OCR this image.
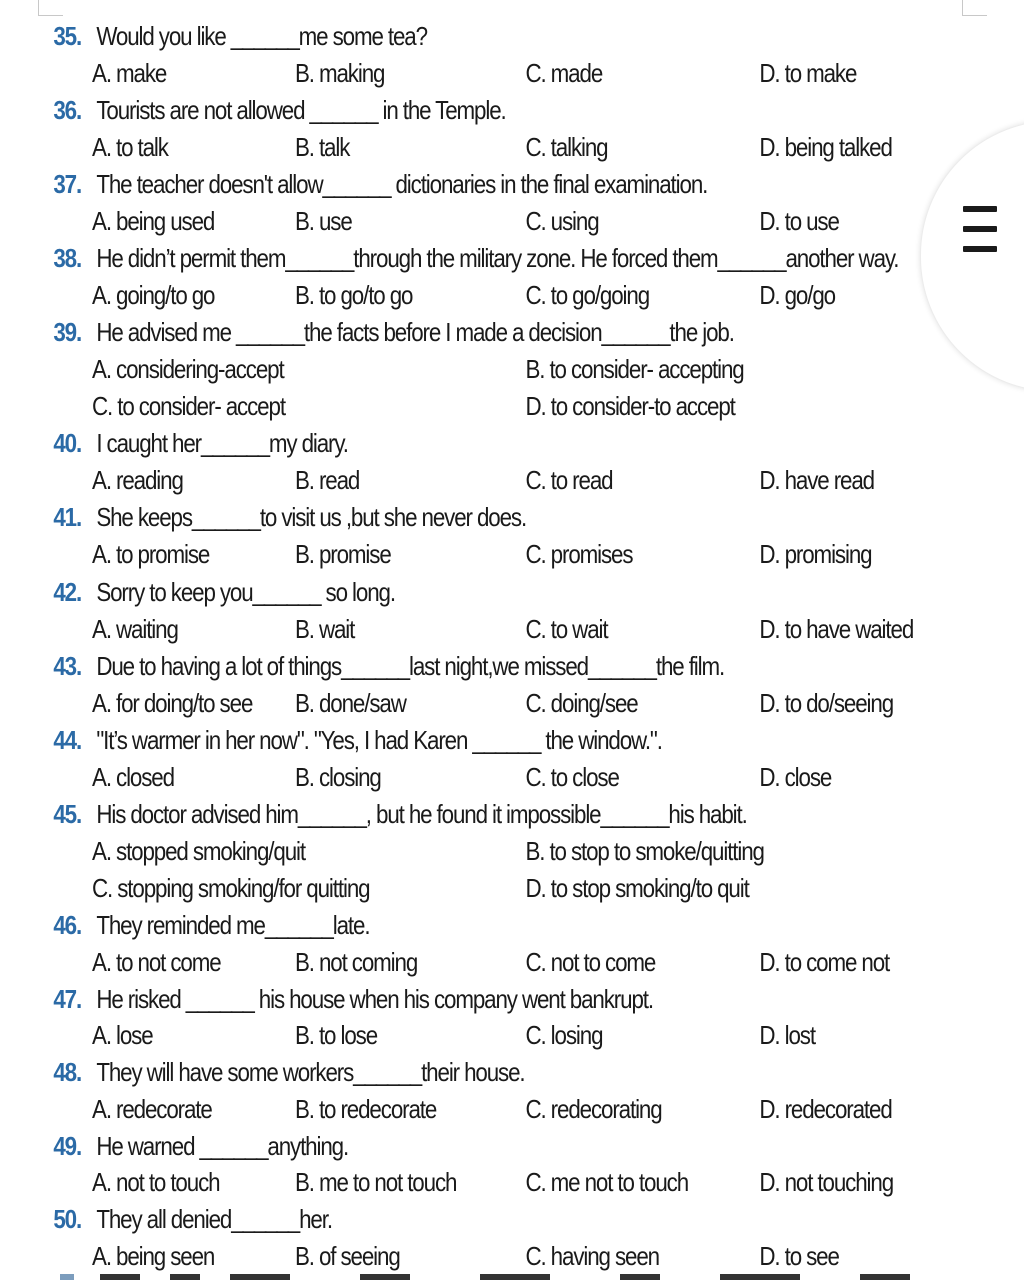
35. Would you like ______me some tea?
A. make	B. making	C. made	D. to make
36. Tourists are not allowed ______ in the Temple.
A. to talk	B. talk	C. talking	D. being talked
37. The teacher doesn't allow______ dictionaries in the final examination.
A. being used	B. use	C. using	D. to use
38. He didn’t permit them______through the military zone. He forced them______another way.
A. going/to go	B. to go/to go	C. to go/going	D. go/go
39. He advised me ______the facts before I made a decision______the job.
A. considering-accept	B. to consider- accepting
C. to consider- accept	D. to consider-to accept
40. I caught her______my diary.
A. reading	B. read	C. to read	D. have read
41. She keeps______to visit us ,but she never does.
A. to promise	B. promise	C. promises	D. promising
42. Sorry to keep you______ so long.
A. waiting	B. wait	C. to wait	D. to have waited
43. Due to having a lot of things______last night,we missed______the film.
A. for doing/to see B. done/saw	C. doing/see	D. to do/seeing
44. "It’s warmer in her now". "Yes, I had Karen ______ the window.".
A. closed	B. closing	C. to close	D. close
45. His doctor advised him______, but he found it impossible______his habit.
A. stopped smoking/quit	B. to stop to smoke/quitting
C. stopping smoking/for quitting	D. to stop smoking/to quit
46. They reminded me______late.
A. to not come	B. not coming	C. not to come	D. to come not
47. He risked ______ his house when his company went bankrupt.
A. lose	B. to lose	C. losing	D. lost
48. They will have some workers______their house.
A. redecorate	B. to redecorate	C. redecorating	D. redecorated
49. He warned ______anything.
A. not to touch	B. me to not touch	C. me not to touch	D. not touching
50. They all denied______her.
A. being seen	B. of seeing	C. having seen	D. to see
